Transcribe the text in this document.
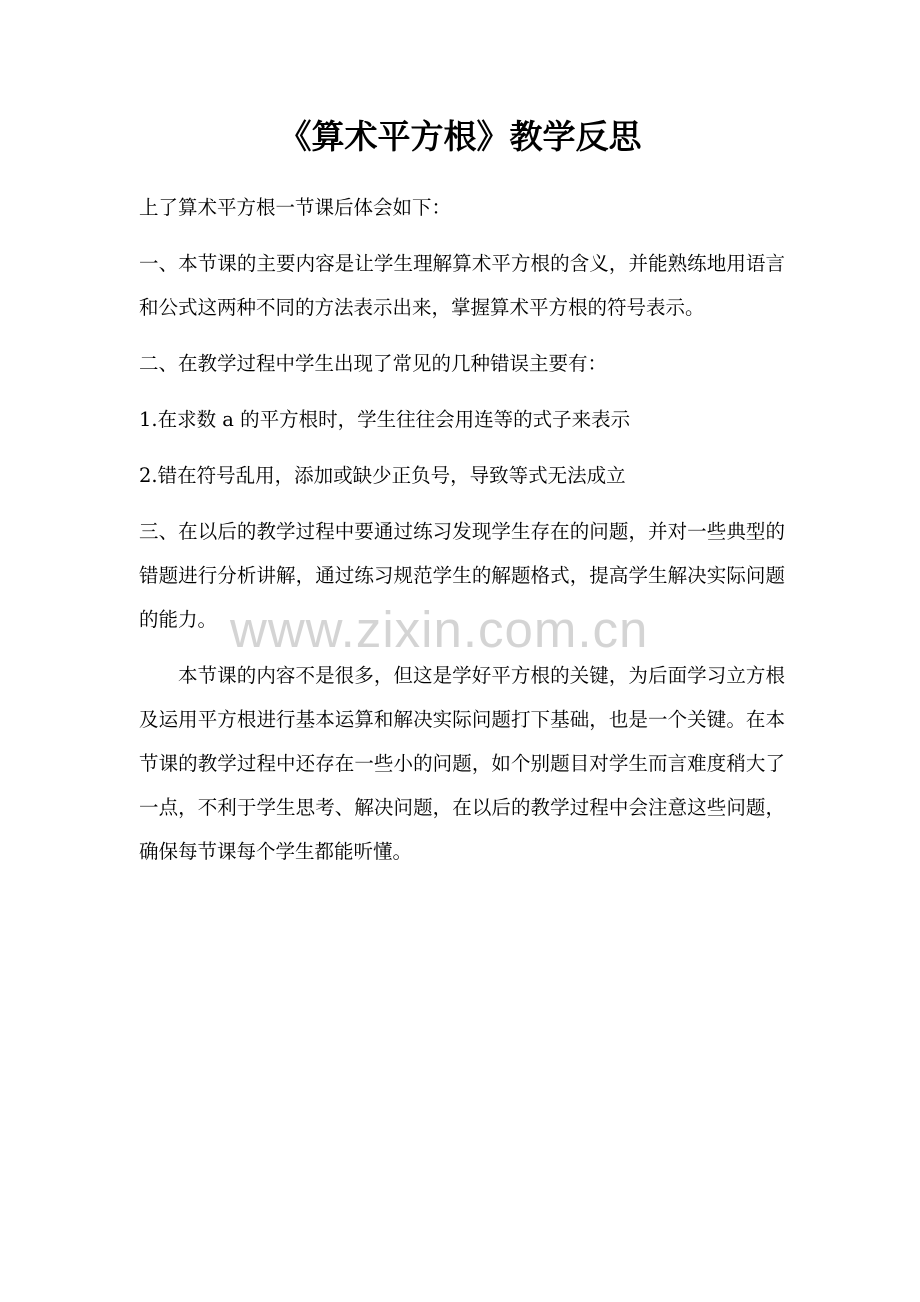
《算术平方根》教学反思

上了算术平方根一节课后体会如下：

一、本节课的主要内容是让学生理解算术平方根的含义，并能熟练地用语言和公式这两种不同的方法表示出来，掌握算术平方根的符号表示。

二、在教学过程中学生出现了常见的几种错误主要有：

1.在求数 a 的平方根时，学生往往会用连等的式子来表示

2.错在符号乱用，添加或缺少正负号，导致等式无法成立

三、在以后的教学过程中要通过练习发现学生存在的问题，并对一些典型的错题进行分析讲解，通过练习规范学生的解题格式，提高学生解决实际问题的能力。

本节课的内容不是很多，但这是学好平方根的关键，为后面学习立方根及运用平方根进行基本运算和解决实际问题打下基础，也是一个关键。在本节课的教学过程中还存在一些小的问题，如个别题目对学生而言难度稍大了一点，不利于学生思考、解决问题，在以后的教学过程中会注意这些问题，确保每节课每个学生都能听懂。

www.zixin.com.cn
